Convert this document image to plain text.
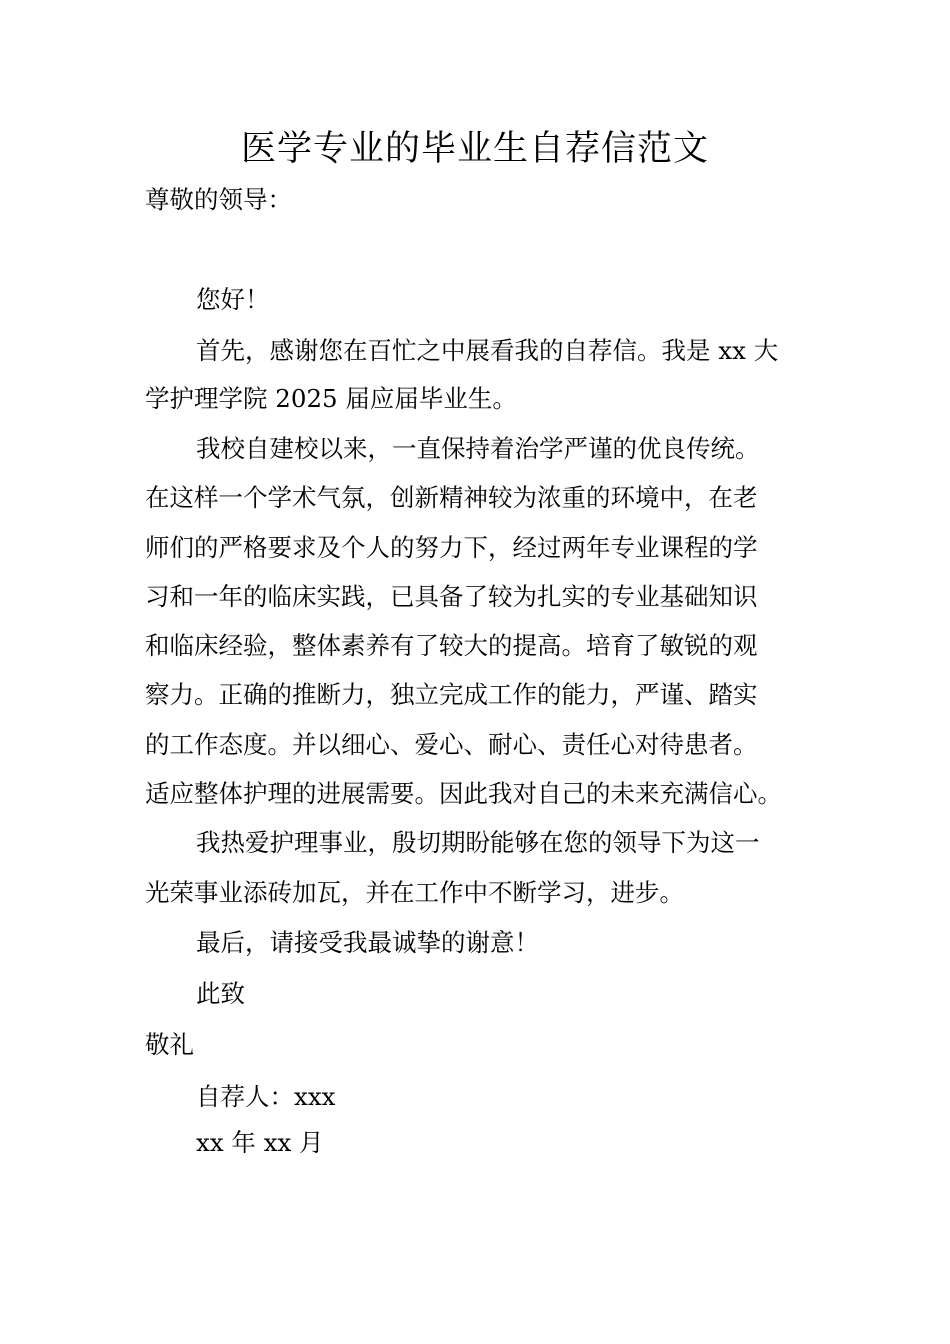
医学专业的毕业生自荐信范文
尊敬的领导：
您好！
首先，感谢您在百忙之中展看我的自荐信。我是 xx 大
学护理学院 2025 届应届毕业生。
我校自建校以来，一直保持着治学严谨的优良传统。
在这样一个学术气氛，创新精神较为浓重的环境中，在老
师们的严格要求及个人的努力下，经过两年专业课程的学
习和一年的临床实践，已具备了较为扎实的专业基础知识
和临床经验，整体素养有了较大的提高。培育了敏锐的观
察力。正确的推断力，独立完成工作的能力，严谨、踏实
的工作态度。并以细心、爱心、耐心、责任心对待患者。
适应整体护理的进展需要。因此我对自己的未来充满信心。
我热爱护理事业，殷切期盼能够在您的领导下为这一
光荣事业添砖加瓦，并在工作中不断学习，进步。
最后，请接受我最诚挚的谢意！
此致
敬礼
自荐人：xxx
xx 年 xx 月
